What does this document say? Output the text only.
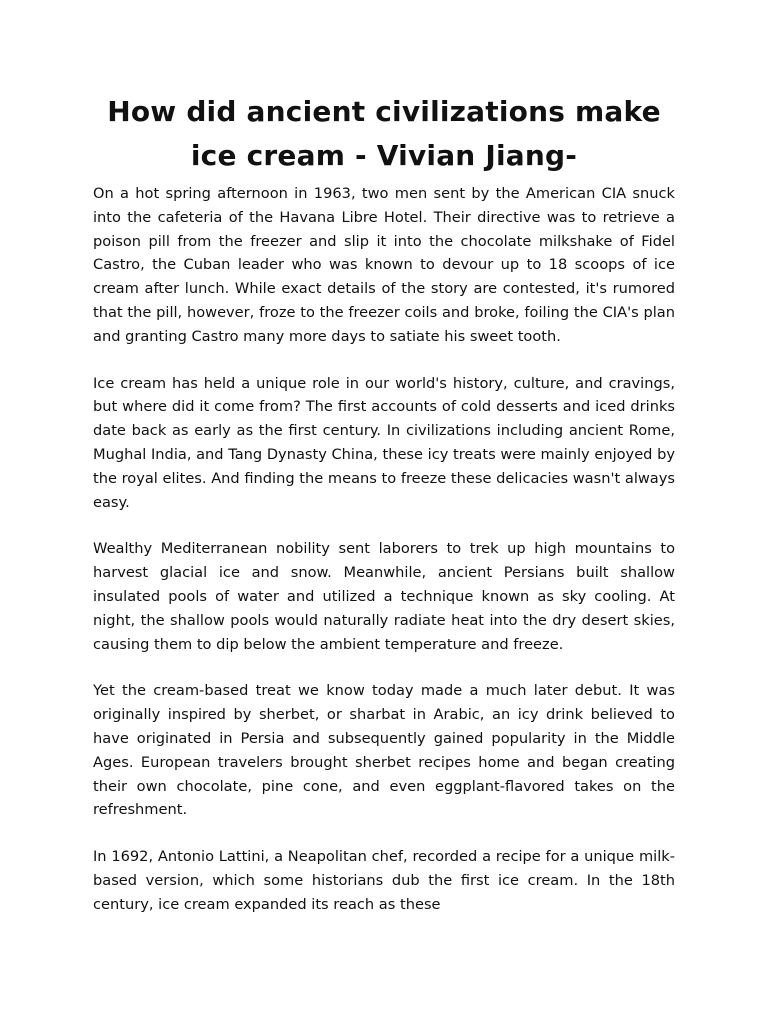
How did ancient civilizations make ice cream - Vivian Jiang-

On a hot spring afternoon in 1963, two men sent by the American CIA snuck into the cafeteria of the Havana Libre Hotel. Their directive was to retrieve a poison pill from the freezer and slip it into the chocolate milkshake of Fidel Castro, the Cuban leader who was known to devour up to 18 scoops of ice cream after lunch. While exact details of the story are contested, it's rumored that the pill, however, froze to the freezer coils and broke, foiling the CIA's plan and granting Castro many more days to satiate his sweet tooth.

Ice cream has held a unique role in our world's history, culture, and cravings, but where did it come from? The first accounts of cold desserts and iced drinks date back as early as the first century. In civilizations including ancient Rome, Mughal India, and Tang Dynasty China, these icy treats were mainly enjoyed by the royal elites. And finding the means to freeze these delicacies wasn't always easy.

Wealthy Mediterranean nobility sent laborers to trek up high mountains to harvest glacial ice and snow. Meanwhile, ancient Persians built shallow insulated pools of water and utilized a technique known as sky cooling. At night, the shallow pools would naturally radiate heat into the dry desert skies, causing them to dip below the ambient temperature and freeze.

Yet the cream-based treat we know today made a much later debut. It was originally inspired by sherbet, or sharbat in Arabic, an icy drink believed to have originated in Persia and subsequently gained popularity in the Middle Ages. European travelers brought sherbet recipes home and began creating their own chocolate, pine cone, and even eggplant-flavored takes on the refreshment.

In 1692, Antonio Lattini, a Neapolitan chef, recorded a recipe for a unique milk-based version, which some historians dub the first ice cream. In the 18th century, ice cream expanded its reach as these
